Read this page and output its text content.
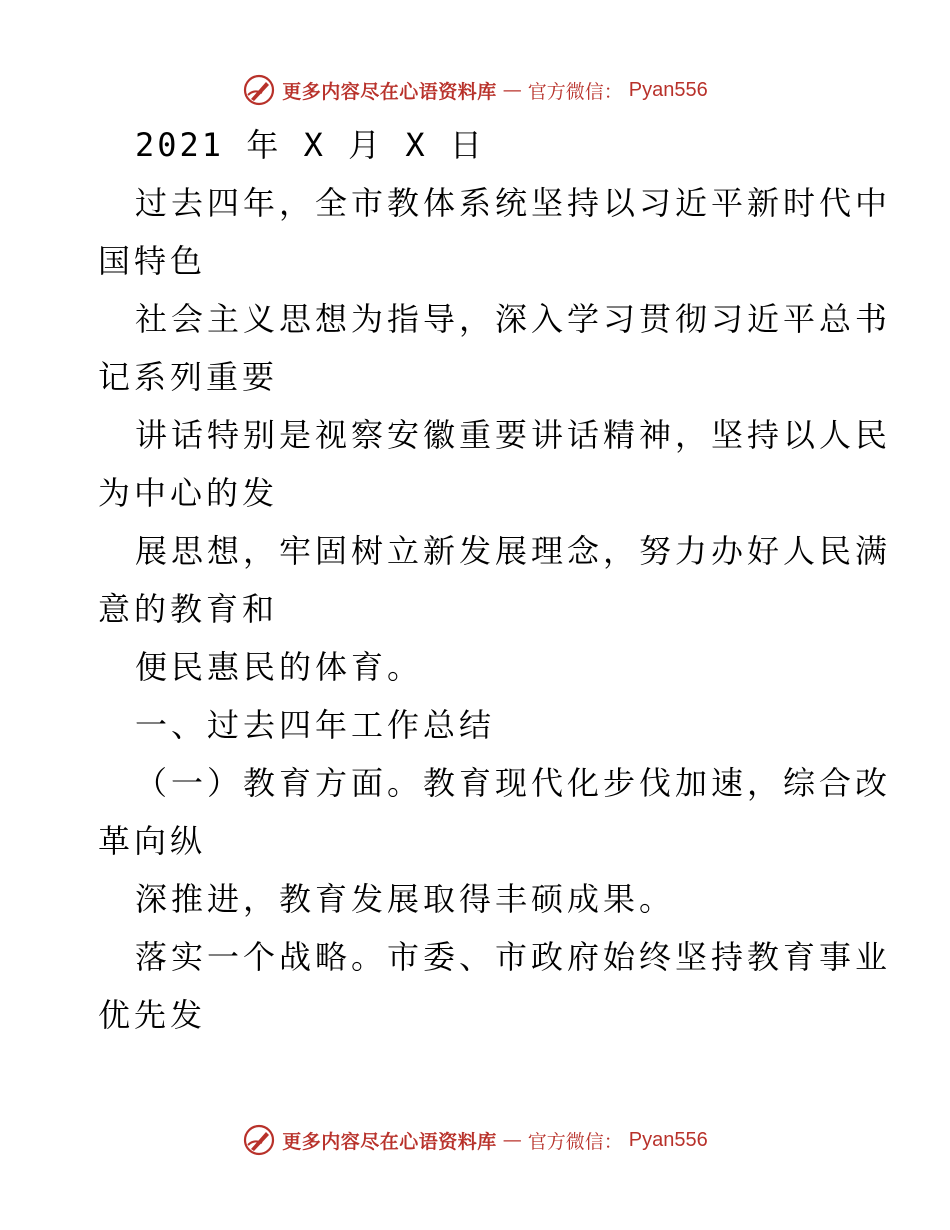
更多内容尽在心语资料库 — 官方微信： Pyan556
2021 年 X 月 X 日
过去四年，全市教体系统坚持以习近平新时代中
国特色
社会主义思想为指导，深入学习贯彻习近平总书
记系列重要
讲话特别是视察安徽重要讲话精神，坚持以人民
为中心的发
展思想，牢固树立新发展理念，努力办好人民满
意的教育和
便民惠民的体育。
一、过去四年工作总结
（一）教育方面。教育现代化步伐加速，综合改
革向纵
深推进，教育发展取得丰硕成果。
落实一个战略。市委、市政府始终坚持教育事业
优先发
更多内容尽在心语资料库 — 官方微信： Pyan556
